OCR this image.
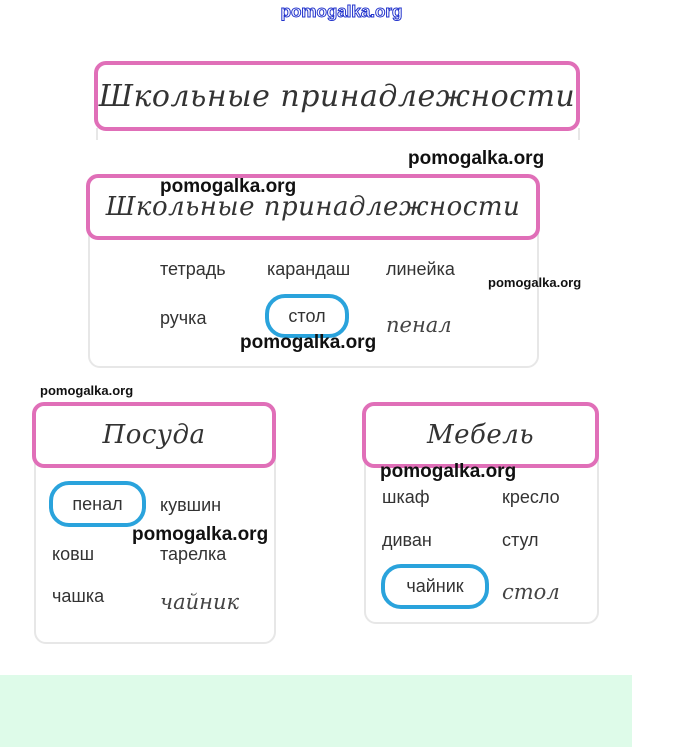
pomogalka.org
Школьные принадлежности
Школьные принадлежности
тетрадь карандаш линейка
ручка	стол	пенал
Посуда
пенал	кувшин
ковш	тарелка
чашка	чайник
Мебель
шкаф	кресло
диван	стул
чайник	стол
pomogalka.org
pomogalka.org
pomogalka.org
pomogalka.org
pomogalka.org
pomogalka.org
pomogalka.org
